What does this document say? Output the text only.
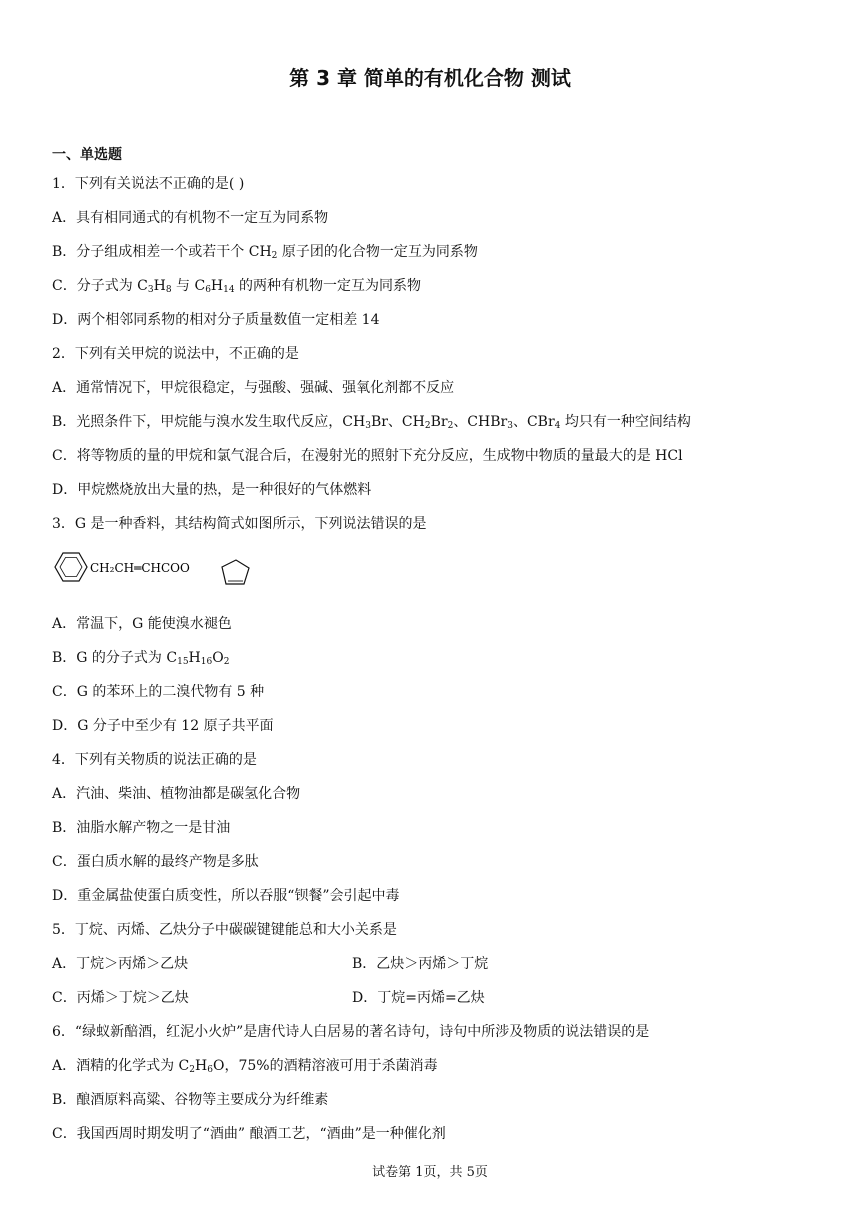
第 3 章 简单的有机化合物 测试
一、单选题
1．下列有关说法不正确的是( )
A．具有相同通式的有机物不一定互为同系物
B．分子组成相差一个或若干个 $CH_2$ 原子团的化合物一定互为同系物
C．分子式为 $C_3H_8$ 与 $C_6H_{14}$ 的两种有机物一定互为同系物
D．两个相邻同系物的相对分子质量数值一定相差 14
2．下列有关甲烷的说法中，不正确的是
A．通常情况下，甲烷很稳定，与强酸、强碱、强氧化剂都不反应
B．光照条件下，甲烷能与溴水发生取代反应，$CH_3Br$、$CH_2Br_2$、CHBr$_3$、CBr$_4$ 均只有一种空间结构
C．将等物质的量的甲烷和氯气混合后，在漫射光的照射下充分反应，生成物中物质的量最大的是 HCl
D．甲烷燃烧放出大量的热，是一种很好的气体燃料
3．G 是一种香料，其结构简式如图所示，下列说法错误的是
CH₂CH═CHCOO
A．常温下，G 能使溴水褪色
B．G 的分子式为 $C_{15}H_{16}O_2$
C．G 的苯环上的二溴代物有 5 种
D．G 分子中至少有 12 原子共平面
4．下列有关物质的说法正确的是
A．汽油、柴油、植物油都是碳氢化合物
B．油脂水解产物之一是甘油
C．蛋白质水解的最终产物是多肽
D．重金属盐使蛋白质变性，所以吞服“钡餐”会引起中毒
5．丁烷、丙烯、乙炔分子中碳碳键键能总和大小关系是
A．丁烷＞丙烯＞乙炔	B．乙炔＞丙烯＞丁烷
C．丙烯＞丁烷＞乙炔	D．丁烷=丙烯=乙炔
6．“绿蚁新醅酒，红泥小火炉”是唐代诗人白居易的著名诗句，诗句中所涉及物质的说法错误的是
A．酒精的化学式为 $C_2H_6O$，75%的酒精溶液可用于杀菌消毒
B．酿酒原料高粱、谷物等主要成分为纤维素
C．我国西周时期发明了“酒曲” 酿酒工艺，“酒曲”是一种催化剂
试卷第 1页，共 5页
